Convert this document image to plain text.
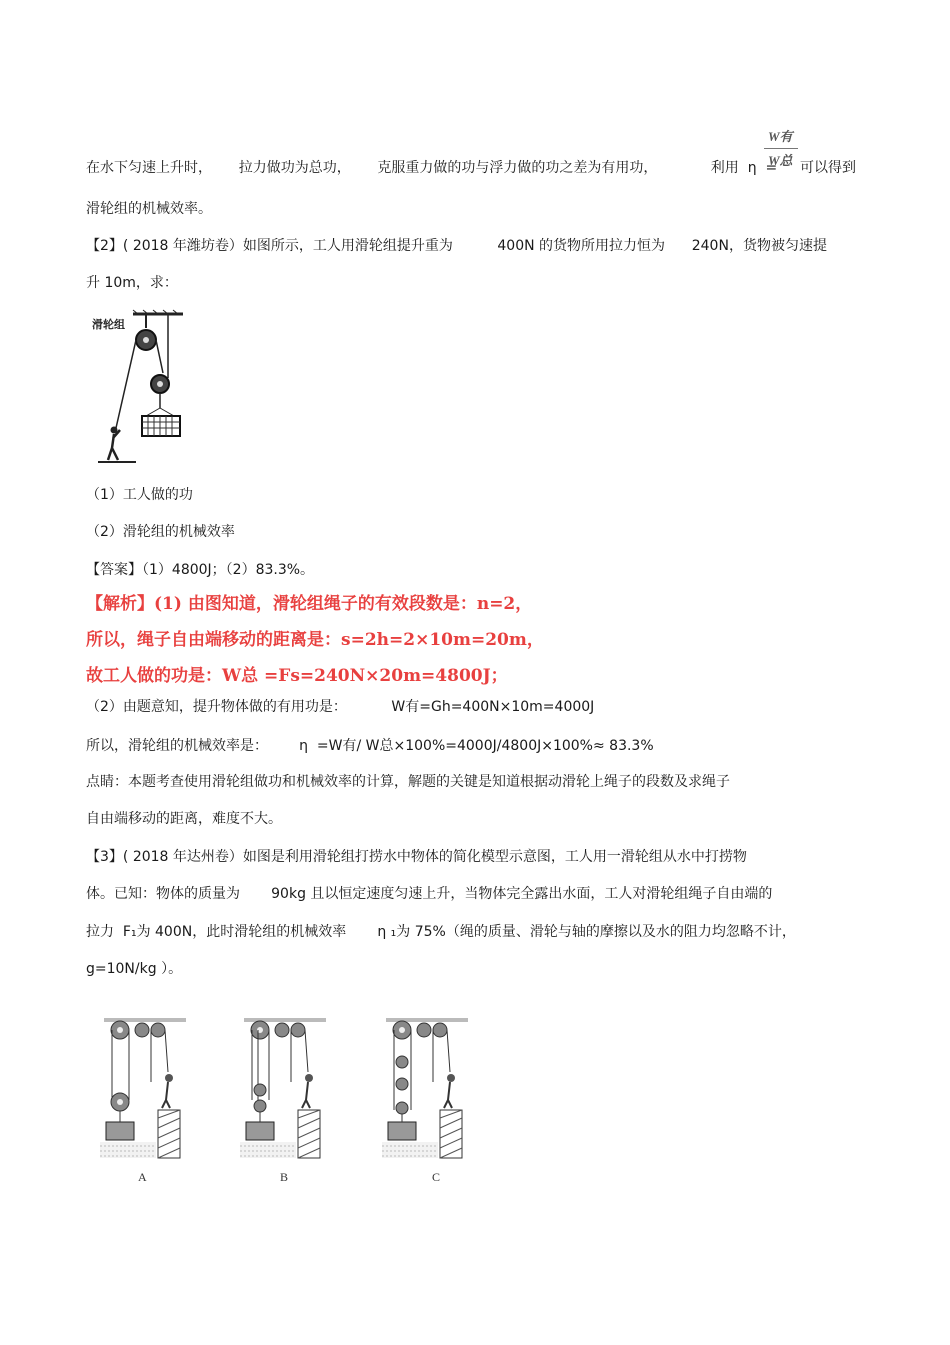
在水下匀速上升时，      拉力做功为总功，      克服重力做的功与浮力做的功之差为有用功，            利用  η  =
W有
W总 可以得到
滑轮组的机械效率。
【2】( 2018 年潍坊卷）如图所示，工人用滑轮组提升重为          400N 的货物所用拉力恒为      240N，货物被匀速提
升 10m，求：
滑轮组
（1）工人做的功
（2）滑轮组的机械效率
【答案】（1）4800J；（2）83.3%。
【解析】(1) 由图知道，滑轮组绳子的有效段数是：n=2，
所以，绳子自由端移动的距离是：s=2h=2×10m=20m，
故工人做的功是：W总 =Fs=240N×20m=4800J；
（2）由题意知，提升物体做的有用功是：          W有=Gh=400N×10m=4000J
所以，滑轮组的机械效率是：       η  =W有/ W总×100%=4000J/4800J×100%≈ 83.3%
点睛：本题考查使用滑轮组做功和机械效率的计算，解题的关键是知道根据动滑轮上绳子的段数及求绳子
自由端移动的距离，难度不大。
【3】( 2018 年达州卷）如图是利用滑轮组打捞水中物体的简化模型示意图，工人用一滑轮组从水中打捞物
体。已知：物体的质量为       90kg 且以恒定速度匀速上升，当物体完全露出水面，工人对滑轮组绳子自由端的
拉力  F₁为 400N，此时滑轮组的机械效率       η ₁为 75%（绳的质量、滑轮与轴的摩擦以及水的阻力均忽略不计，
g=10N/kg ）。
A	B	C
